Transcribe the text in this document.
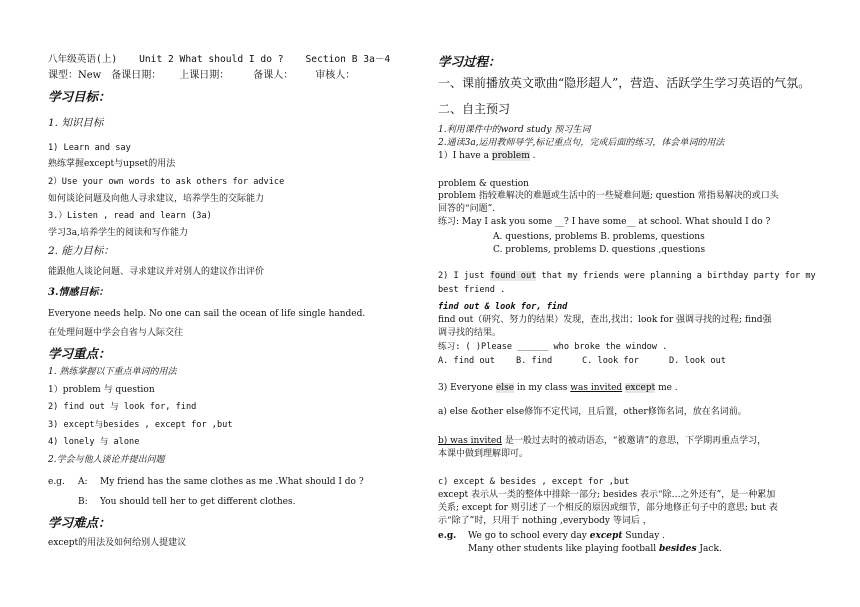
八年级英语(上) Unit 2 What should I do ? Section B 3a－4
课型：New 备课日期： 上课日期： 备课人： 审核人：
学习目标：
1. 知识目标
1) Learn and say
熟练掌握except与upset的用法
2）Use your own words to ask others for advice
如何谈论问题及向他人寻求建议，培养学生的交际能力
3.）Listen , read and learn (3a)
学习3a,培养学生的阅读和写作能力
2. 能力目标：
能跟他人谈论问题、寻求建议并对别人的建议作出评价
3.情感目标：
Everyone needs help. No one can sail the ocean of life single handed.
在处理问题中学会自省与人际交往
学习重点：
1. 熟练掌握以下重点单词的用法
1）problem 与 question
2) find out 与 look for, find
3) except与besides , except for ,but
4) lonely 与 alone
2.学会与他人谈论并提出问题
e.g. A: My friend has the same clothes as me .What should I do ?
B: You should tell her to get different clothes.
学习难点：
except的用法及如何给别人提建议
学习过程：
一、课前播放英文歌曲“隐形超人”，营造、活跃学生学习英语的气氛。
二、自主预习
1.利用课件中的word study 预习生词
2.通读3a,运用教师导学,标记重点句，完成后面的练习，体会单词的用法
1）I have a problem .
problem & question
problem 指较难解决的难题或生活中的一些疑难问题; question 常指易解决的或口头
回答的“问题”.
练习: May I ask you some __? I have some__ at school. What should I do ?
A. questions, problems B. problems, questions
C. problems, problems D. questions ,questions
2) I just found out that my friends were planning a birthday party for my
best friend .
find out & look for, find
find out（研究、努力的结果）发现，查出,找出；look for 强调寻找的过程; find强
调寻找的结果。
练习: ( )Please ______ who broke the window .
A. find out B. find	C. look for	D. look out
3) Everyone else in my class was invited except me .
a) else &other else修饰不定代词，且后置，other修饰名词，放在名词前。
b) was invited 是一般过去时的被动语态，“被邀请”的意思，下学期再重点学习，
本课中做到理解即可。
c) except & besides , except for ,but
except 表示从一类的整体中排除一部分; besides 表示“除…之外还有”，是一种累加
关系; except for 则引述了一个相反的原因或细节，部分地修正句子中的意思; but 表
示“除了”时，只用于 nothing ,everybody 等词后 ，
e.g. We go to school every day except Sunday .
Many other students like playing football besides Jack.
